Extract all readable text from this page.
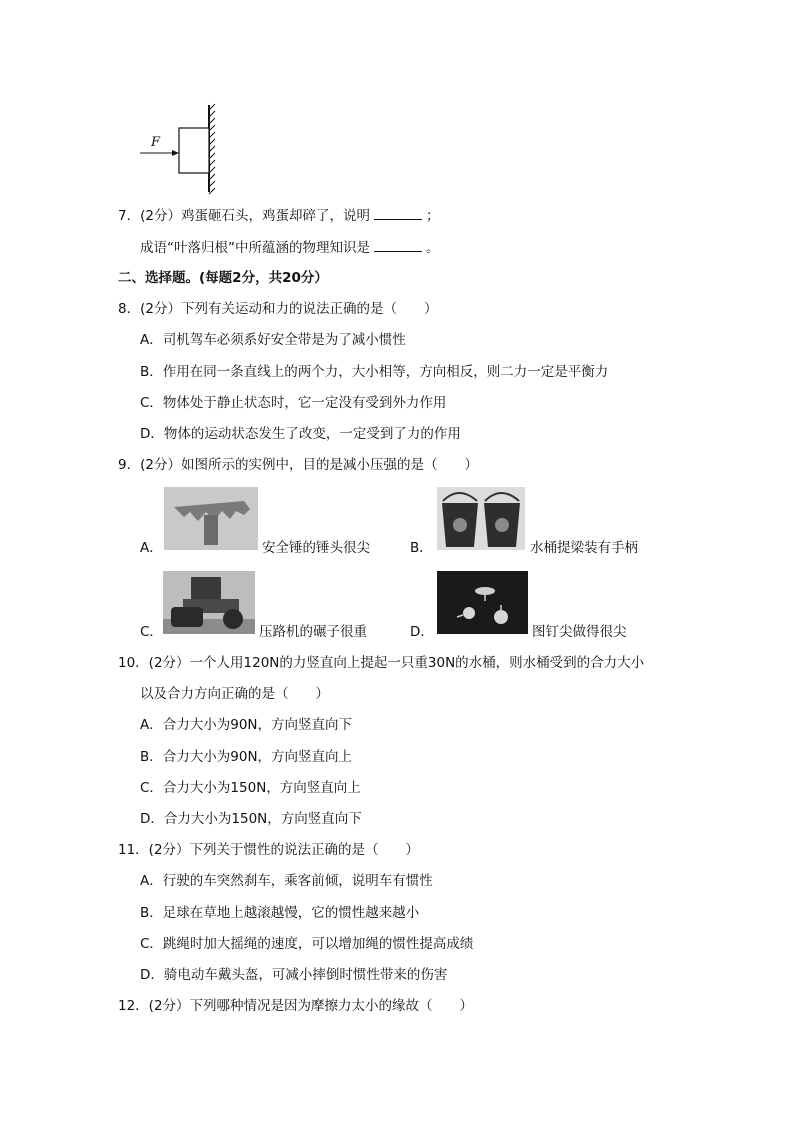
F
7．(2分）鸡蛋砸石头，鸡蛋却碎了，说明	；
成语“叶落归根”中所蕴涵的物理知识是	。
二、选择题。(每题2分，共20分）
8．(2分）下列有关运动和力的说法正确的是（　　）
A．司机驾车必须系好安全带是为了减小惯性
B．作用在同一条直线上的两个力，大小相等，方向相反，则二力一定是平衡力
C．物体处于静止状态时，它一定没有受到外力作用
D．物体的运动状态发生了改变，一定受到了力的作用
9．(2分）如图所示的实例中，目的是减小压强的是（　　）
A．	安全锤的锤头很尖	B．	水桶提梁装有手柄
C．	压路机的碾子很重	D．	图钉尖做得很尖
10．(2分）一个人用120N的力竖直向上提起一只重30N的水桶，则水桶受到的合力大小
以及合力方向正确的是（　　）
A．合力大小为90N，方向竖直向下
B．合力大小为90N，方向竖直向上
C．合力大小为150N，方向竖直向上
D．合力大小为150N，方向竖直向下
11．(2分）下列关于惯性的说法正确的是（　　）
A．行驶的车突然刹车，乘客前倾，说明车有惯性
B．足球在草地上越滚越慢，它的惯性越来越小
C．跳绳时加大摇绳的速度，可以增加绳的惯性提高成绩
D．骑电动车戴头盔，可减小摔倒时惯性带来的伤害
12．(2分）下列哪种情况是因为摩擦力太小的缘故（　　）
